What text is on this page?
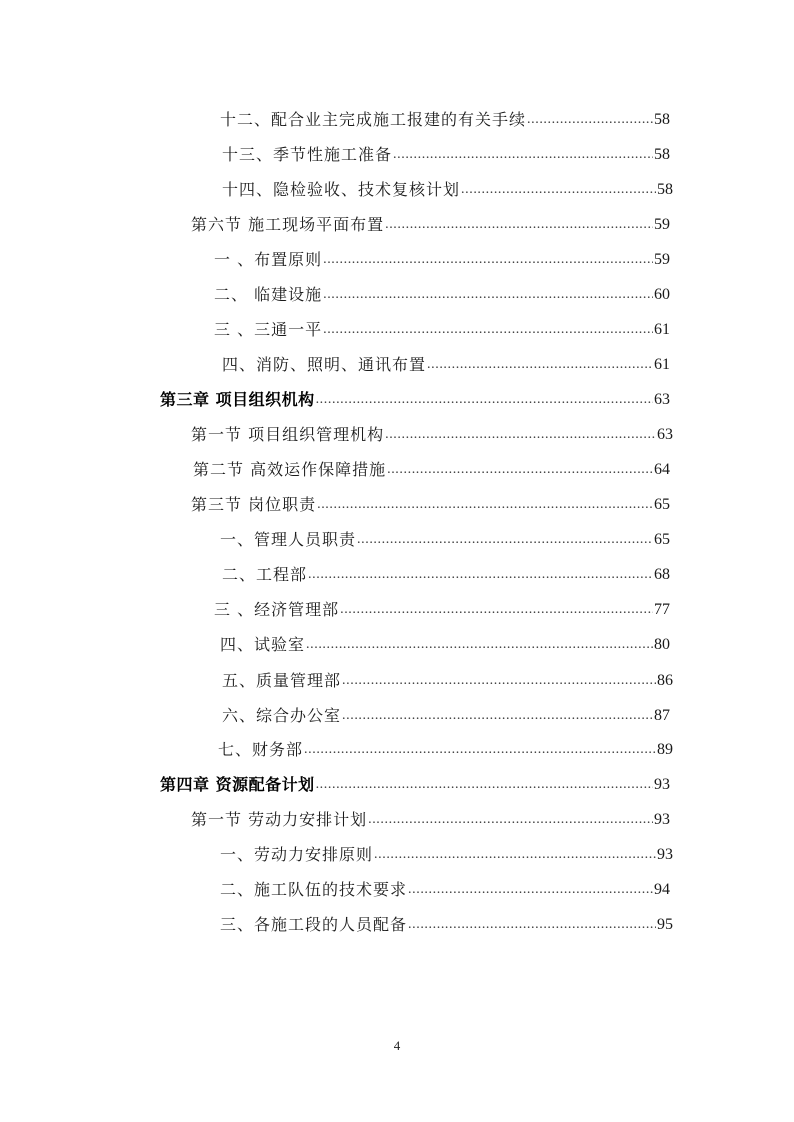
十二、配合业主完成施工报建的有关手续 .....	58
十三、季节性施工准备 .....	58
十四、隐检验收、技术复核计划 .....	58
第六节 施工现场平面布置 .....	59
一 、布置原则 .....	59
二、 临建设施 .....	60
三 、三通一平 .....	61
四、消防、照明、通讯布置 .....	61
第三章 项目组织机构 .....	63
第一节 项目组织管理机构 .....	63
第二节 高效运作保障措施 .....	64
第三节 岗位职责 .....	65
一、管理人员职责 .....	65
二、工程部 .....	68
三 、经济管理部 .....	77
四、试验室 .....	80
五、质量管理部 .....	86
六、综合办公室 .....	87
七、财务部 .....	89
第四章 资源配备计划 .....	93
第一节 劳动力安排计划 .....	93
一、劳动力安排原则 .....	93
二、施工队伍的技术要求 .....	94
三、各施工段的人员配备 .....	95
4
